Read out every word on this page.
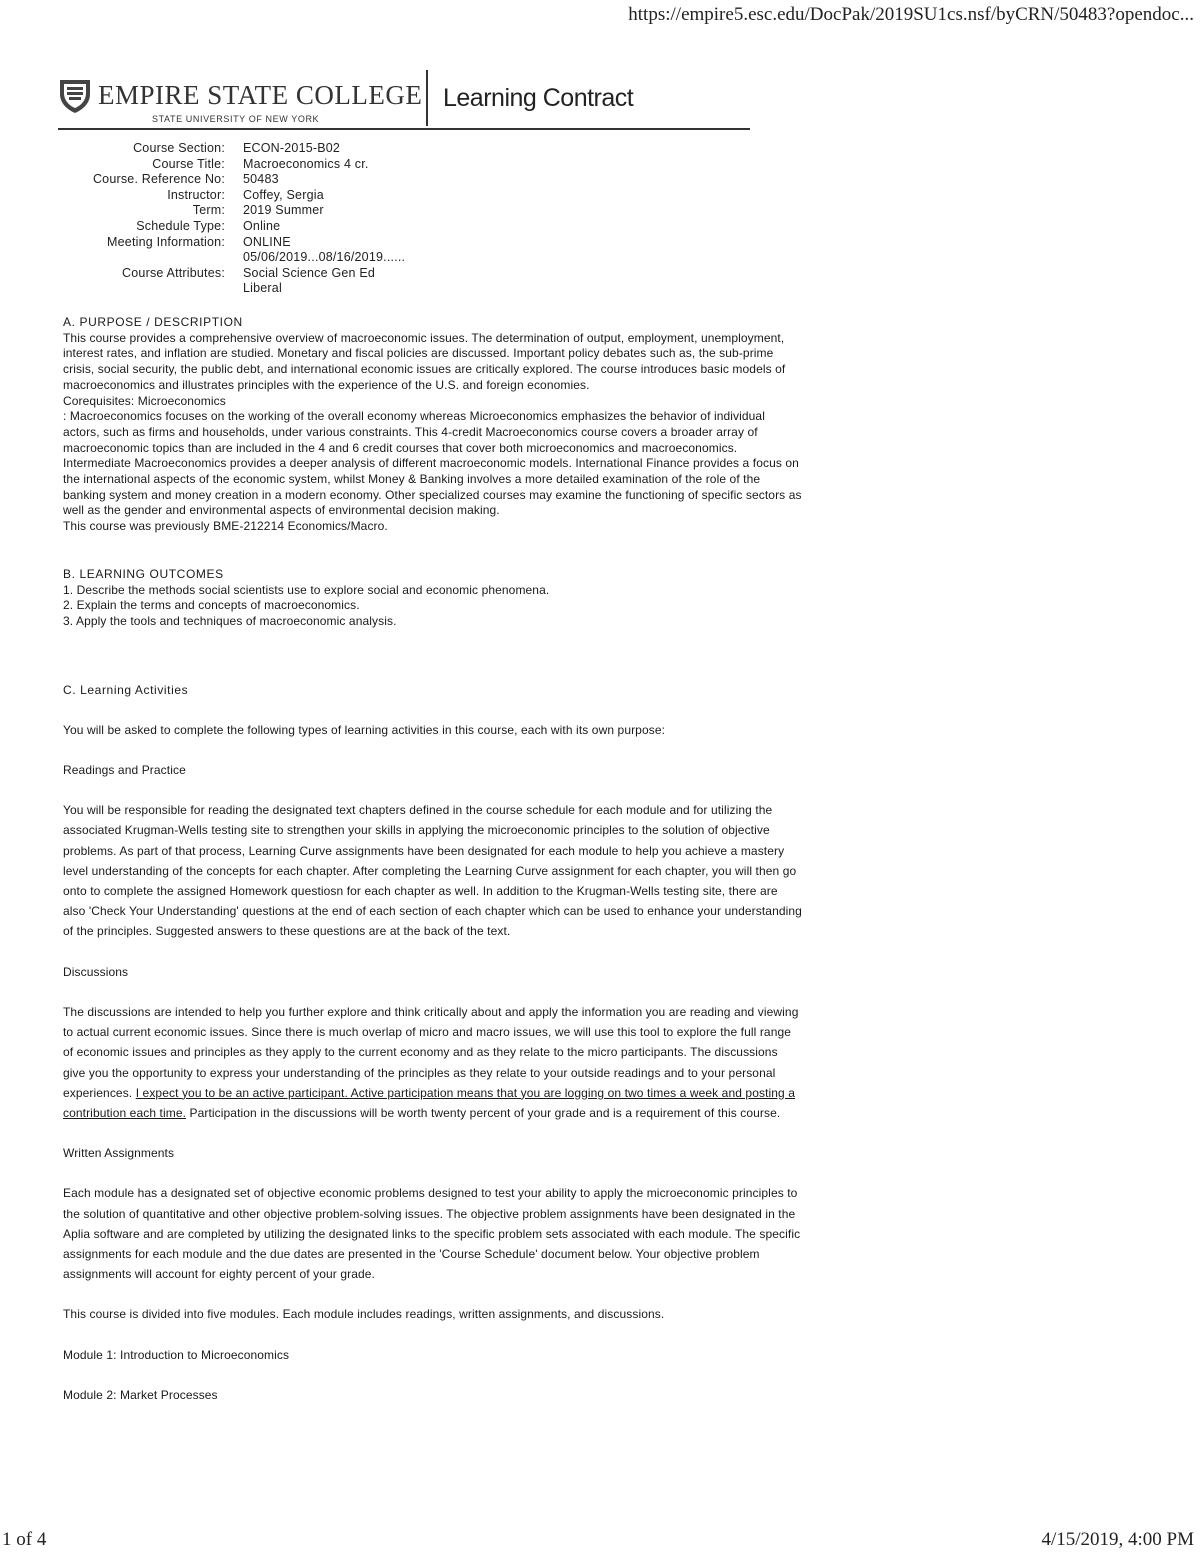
https://empire5.esc.edu/DocPak/2019SU1cs.nsf/byCRN/50483?opendoc...
EMPIRE STATE COLLEGE
STATE UNIVERSITY OF NEW YORK
Learning Contract
Course Section:	ECON-2015-B02
Course Title:	Macroeconomics 4 cr.
Course. Reference No:	50483
Instructor:	Coffey, Sergia
Term:	2019 Summer
Schedule Type:	Online
Meeting Information:	ONLINE
05/06/2019...08/16/2019......
Course Attributes:	Social Science Gen Ed
Liberal
A. PURPOSE / DESCRIPTION

This course provides a comprehensive overview of macroeconomic issues. The determination of output, employment, unemployment, interest rates, and inflation are studied. Monetary and fiscal policies are discussed. Important policy debates such as, the sub-prime crisis, social security, the public debt, and international economic issues are critically explored. The course introduces basic models of macroeconomics and illustrates principles with the experience of the U.S. and foreign economies.

Corequisites: Microeconomics

: Macroeconomics focuses on the working of the overall economy whereas Microeconomics emphasizes the behavior of individual actors, such as firms and households, under various constraints. This 4-credit Macroeconomics course covers a broader array of macroeconomic topics than are included in the 4 and 6 credit courses that cover both microeconomics and macroeconomics. Intermediate Macroeconomics provides a deeper analysis of different macroeconomic models. International Finance provides a focus on the international aspects of the economic system, whilst Money & Banking involves a more detailed examination of the role of the banking system and money creation in a modern economy. Other specialized courses may examine the functioning of specific sectors as well as the gender and environmental aspects of environmental decision making.

This course was previously BME-212214 Economics/Macro.

B. LEARNING OUTCOMES

1. Describe the methods social scientists use to explore social and economic phenomena.

2. Explain the terms and concepts of macroeconomics.

3. Apply the tools and techniques of macroeconomic analysis.

C. Learning Activities

You will be asked to complete the following types of learning activities in this course, each with its own purpose:

Readings and Practice

You will be responsible for reading the designated text chapters defined in the course schedule for each module and for utilizing the associated Krugman-Wells testing site to strengthen your skills in applying the microeconomic principles to the solution of objective problems. As part of that process, Learning Curve assignments have been designated for each module to help you achieve a mastery level understanding of the concepts for each chapter. After completing the Learning Curve assignment for each chapter, you will then go onto to complete the assigned Homework questiosn for each chapter as well. In addition to the Krugman-Wells testing site, there are also 'Check Your Understanding' questions at the end of each section of each chapter which can be used to enhance your understanding of the principles. Suggested answers to these questions are at the back of the text.

Discussions

The discussions are intended to help you further explore and think critically about and apply the information you are reading and viewing to actual current economic issues. Since there is much overlap of micro and macro issues, we will use this tool to explore the full range of economic issues and principles as they apply to the current economy and as they relate to the micro participants. The discussions give you the opportunity to express your understanding of the principles as they relate to your outside readings and to your personal experiences. I expect you to be an active participant. Active participation means that you are logging on two times a week and posting a contribution each time. Participation in the discussions will be worth twenty percent of your grade and is a requirement of this course.

Written Assignments

Each module has a designated set of objective economic problems designed to test your ability to apply the microeconomic principles to the solution of quantitative and other objective problem-solving issues. The objective problem assignments have been designated in the Aplia software and are completed by utilizing the designated links to the specific problem sets associated with each module. The specific assignments for each module and the due dates are presented in the 'Course Schedule' document below. Your objective problem assignments will account for eighty percent of your grade.

This course is divided into five modules. Each module includes readings, written assignments, and discussions.

Module 1: Introduction to Microeconomics

Module 2: Market Processes

1 of 4	4/15/2019, 4:00 PM
